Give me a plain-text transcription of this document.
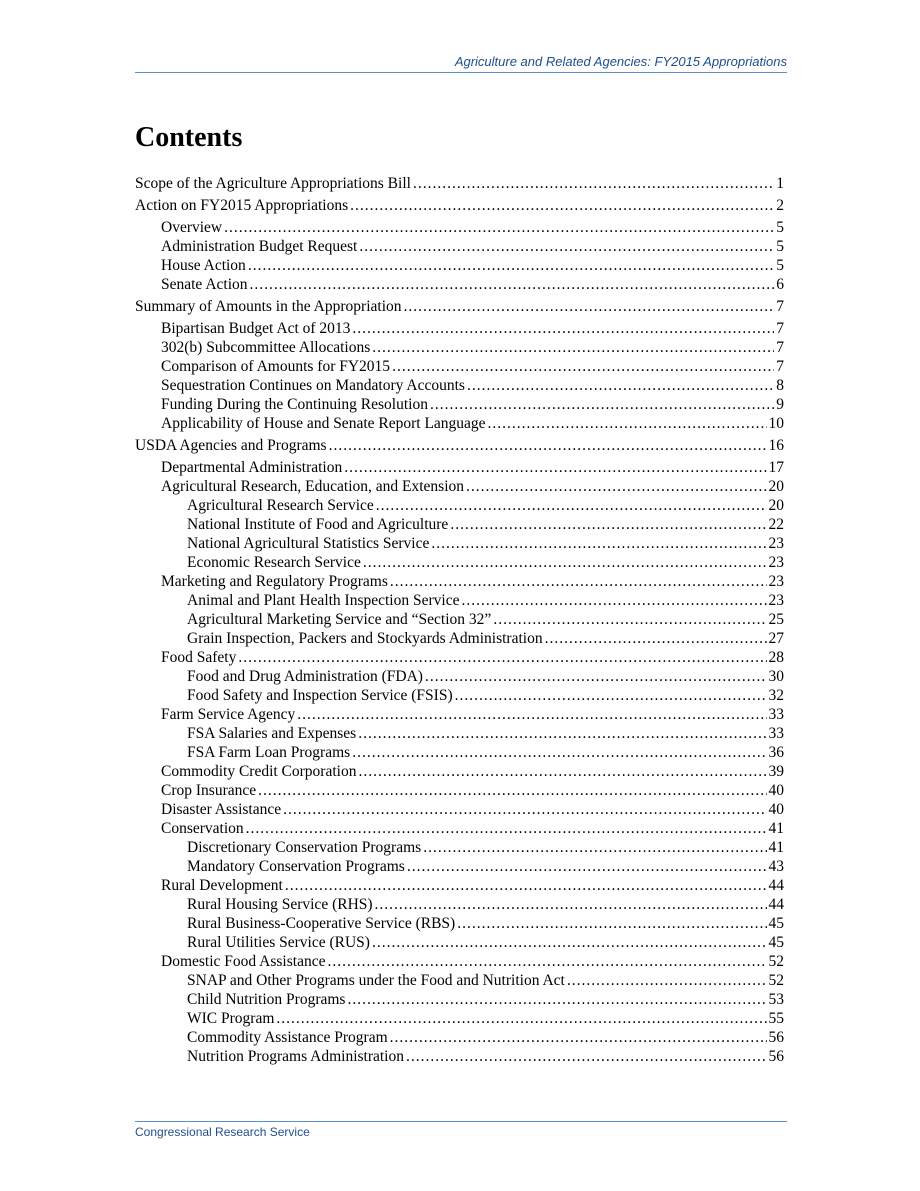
Agriculture and Related Agencies: FY2015 Appropriations
Contents
Scope of the Agriculture Appropriations Bill .....	1
Action on FY2015 Appropriations .....	2
Overview .....	5
Administration Budget Request .....	5
House Action .....	5
Senate Action .....	6
Summary of Amounts in the Appropriation .....	7
Bipartisan Budget Act of 2013 .....	7
302(b) Subcommittee Allocations .....	7
Comparison of Amounts for FY2015 .....	7
Sequestration Continues on Mandatory Accounts .....	8
Funding During the Continuing Resolution .....	9
Applicability of House and Senate Report Language .....	10
USDA Agencies and Programs .....	16
Departmental Administration .....	17
Agricultural Research, Education, and Extension .....	20
Agricultural Research Service .....	20
National Institute of Food and Agriculture .....	22
National Agricultural Statistics Service .....	23
Economic Research Service .....	23
Marketing and Regulatory Programs .....	23
Animal and Plant Health Inspection Service .....	23
Agricultural Marketing Service and “Section 32” .....	25
Grain Inspection, Packers and Stockyards Administration .....	27
Food Safety .....	28
Food and Drug Administration (FDA) .....	30
Food Safety and Inspection Service (FSIS) .....	32
Farm Service Agency .....	33
FSA Salaries and Expenses .....	33
FSA Farm Loan Programs .....	36
Commodity Credit Corporation .....	39
Crop Insurance .....	40
Disaster Assistance .....	40
Conservation .....	41
Discretionary Conservation Programs .....	41
Mandatory Conservation Programs .....	43
Rural Development .....	44
Rural Housing Service (RHS) .....	44
Rural Business-Cooperative Service (RBS) .....	45
Rural Utilities Service (RUS) .....	45
Domestic Food Assistance .....	52
SNAP and Other Programs under the Food and Nutrition Act .....	52
Child Nutrition Programs .....	53
WIC Program .....	55
Commodity Assistance Program .....	56
Nutrition Programs Administration .....	56
Congressional Research Service
